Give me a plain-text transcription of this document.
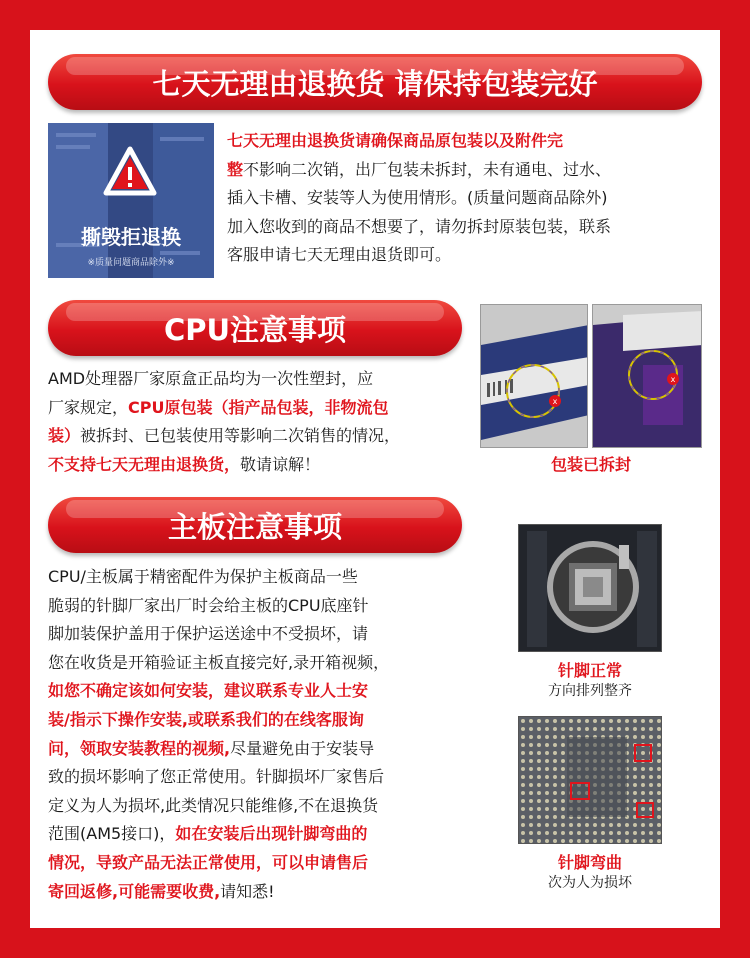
七天无理由退换货 请保持包装完好
撕毁拒退换
※质量问题商品除外※
七天无理由退换货请确保商品原包装以及附件完
整不影响二次销，出厂包装未拆封，未有通电、过水、
插入卡槽、安装等人为使用情形。(质量问题商品除外)
加入您收到的商品不想要了，请勿拆封原装包装，联系
客服申请七天无理由退货即可。
CPU注意事项
AMD处理器厂家原盒正品均为一次性塑封，应
厂家规定，CPU原包装（指产品包装，非物流包
装）被拆封、已包装使用等影响二次销售的情况，
不支持七天无理由退换货，敬请谅解！
x
x
包装已拆封
主板注意事项
CPU/主板属于精密配件为保护主板商品一些
脆弱的针脚厂家出厂时会给主板的CPU底座针
脚加装保护盖用于保护运送途中不受损坏，请
您在收货是开箱验证主板直接完好,录开箱视频，
如您不确定该如何安装，建议联系专业人士安
装/指示下操作安装,或联系我们的在线客服询
问，领取安装教程的视频,尽量避免由于安装导
致的损坏影响了您正常使用。针脚损坏厂家售后
定义为人为损坏,此类情况只能维修,不在退换货
范围(AM5接口)，如在安装后出现针脚弯曲的
情况，导致产品无法正常使用，可以申请售后
寄回返修,可能需要收费,请知悉!
针脚正常
方向排列整齐
针脚弯曲
次为人为损坏
